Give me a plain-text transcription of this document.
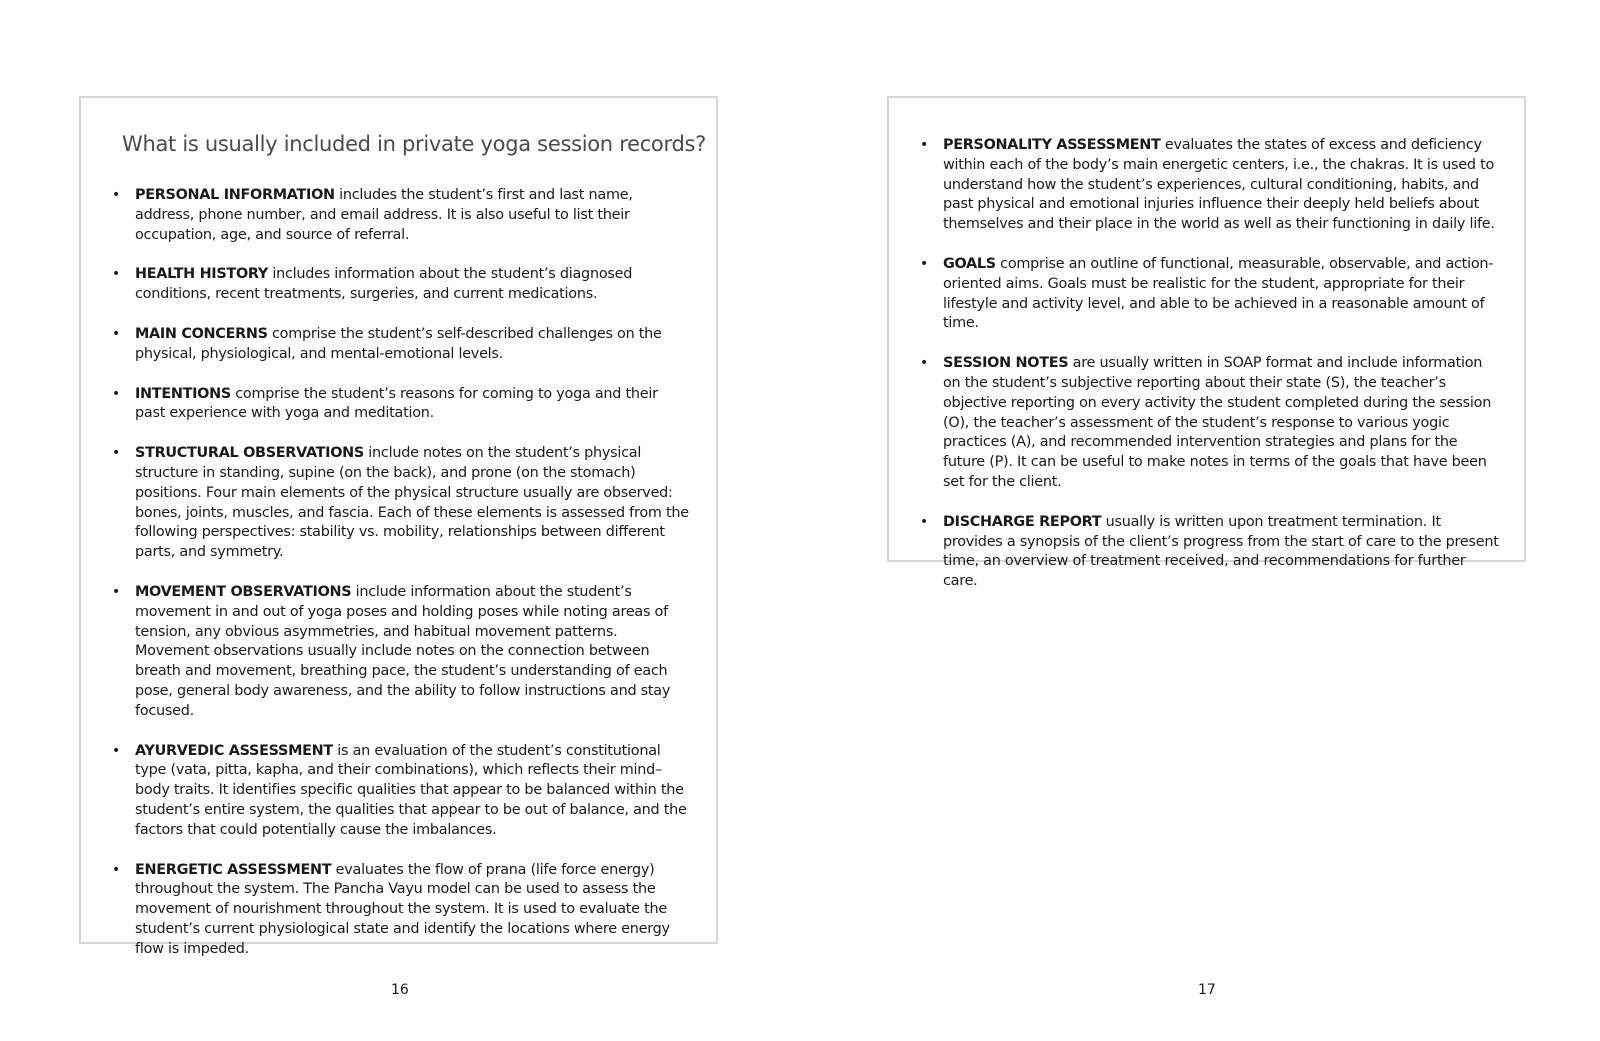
What is usually included in private yoga session records?
• PERSONAL INFORMATION includes the student’s first and last name, address, phone number, and email address. It is also useful to list their occupation, age, and source of referral.
• HEALTH HISTORY includes information about the student’s diagnosed conditions, recent treatments, surgeries, and current medications.
• MAIN CONCERNS comprise the student’s self-described challenges on the physical, physiological, and mental-emotional levels.
• INTENTIONS comprise the student’s reasons for coming to yoga and their past experience with yoga and meditation.
• STRUCTURAL OBSERVATIONS include notes on the student’s physical structure in standing, supine (on the back), and prone (on the stomach) positions. Four main elements of the physical structure usually are observed: bones, joints, muscles, and fascia. Each of these elements is assessed from the following perspectives: stability vs. mobility, relationships between different parts, and symmetry.
• MOVEMENT OBSERVATIONS include information about the student’s movement in and out of yoga poses and holding poses while noting areas of tension, any obvious asymmetries, and habitual movement patterns. Movement observations usually include notes on the connection between breath and movement, breathing pace, the student’s understanding of each pose, general body awareness, and the ability to follow instructions and stay focused.
• AYURVEDIC ASSESSMENT is an evaluation of the student’s constitutional type (vata, pitta, kapha, and their combinations), which reflects their mind–body traits. It identifies specific qualities that appear to be balanced within the student’s entire system, the qualities that appear to be out of balance, and the factors that could potentially cause the imbalances.
• ENERGETIC ASSESSMENT evaluates the flow of prana (life force energy) throughout the system. The Pancha Vayu model can be used to assess the movement of nourishment throughout the system. It is used to evaluate the student’s current physiological state and identify the locations where energy flow is impeded.
16
• PERSONALITY ASSESSMENT evaluates the states of excess and deficiency within each of the body’s main energetic centers, i.e., the chakras. It is used to understand how the student’s experiences, cultural conditioning, habits, and past physical and emotional injuries influence their deeply held beliefs about themselves and their place in the world as well as their functioning in daily life.
• GOALS comprise an outline of functional, measurable, observable, and action-oriented aims. Goals must be realistic for the student, appropriate for their lifestyle and activity level, and able to be achieved in a reasonable amount of time.
• SESSION NOTES are usually written in SOAP format and include information on the student’s subjective reporting about their state (S), the teacher’s objective reporting on every activity the student completed during the session (O), the teacher’s assessment of the student’s response to various yogic practices (A), and recommended intervention strategies and plans for the future (P). It can be useful to make notes in terms of the goals that have been set for the client.
• DISCHARGE REPORT usually is written upon treatment termination. It provides a synopsis of the client’s progress from the start of care to the present time, an overview of treatment received, and recommendations for further care.
17
